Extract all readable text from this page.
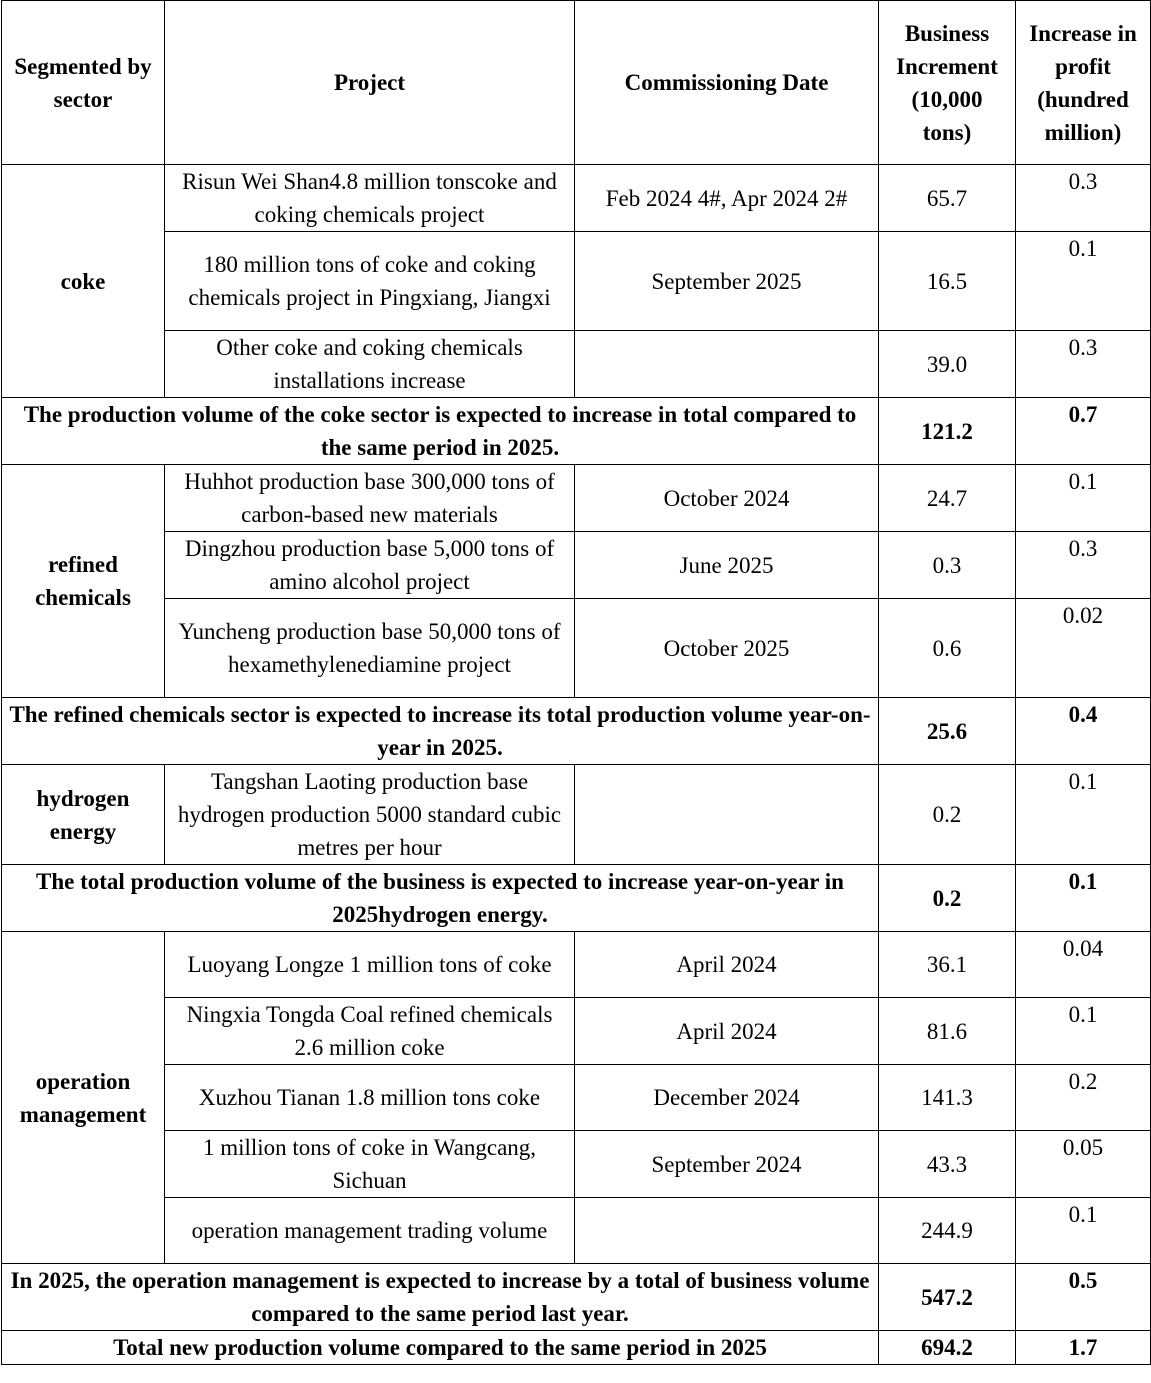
Segmented by sector	Project	Commissioning Date	Business Increment (10,000 tons)	Increase in profit (hundred million)
coke	Risun Wei Shan4.8 million tonscoke and coking chemicals project	Feb 2024 4#, Apr 2024 2#	65.7	0.3
	180 million tons of coke and coking chemicals project in Pingxiang, Jiangxi	September 2025	16.5	0.1
	Other coke and coking chemicals installations increase		39.0	0.3
The production volume of the coke sector is expected to increase in total compared to the same period in 2025.			121.2	0.7
refined chemicals	Huhhot production base 300,000 tons of carbon-based new materials	October 2024	24.7	0.1
	Dingzhou production base 5,000 tons of amino alcohol project	June 2025	0.3	0.3
	Yuncheng production base 50,000 tons of hexamethylenediamine project	October 2025	0.6	0.02
The refined chemicals sector is expected to increase its total production volume year-on-year in 2025.			25.6	0.4
hydrogen energy	Tangshan Laoting production base hydrogen production 5000 standard cubic metres per hour		0.2	0.1
The total production volume of the business is expected to increase year-on-year in 2025hydrogen energy.			0.2	0.1
operation management	Luoyang Longze 1 million tons of coke	April 2024	36.1	0.04
	Ningxia Tongda Coal refined chemicals 2.6 million coke	April 2024	81.6	0.1
	Xuzhou Tianan 1.8 million tons coke	December 2024	141.3	0.2
	1 million tons of coke in Wangcang, Sichuan	September 2024	43.3	0.05
	operation management trading volume		244.9	0.1
In 2025, the operation management is expected to increase by a total of business volume compared to the same period last year.			547.2	0.5
Total new production volume compared to the same period in 2025			694.2	1.7
